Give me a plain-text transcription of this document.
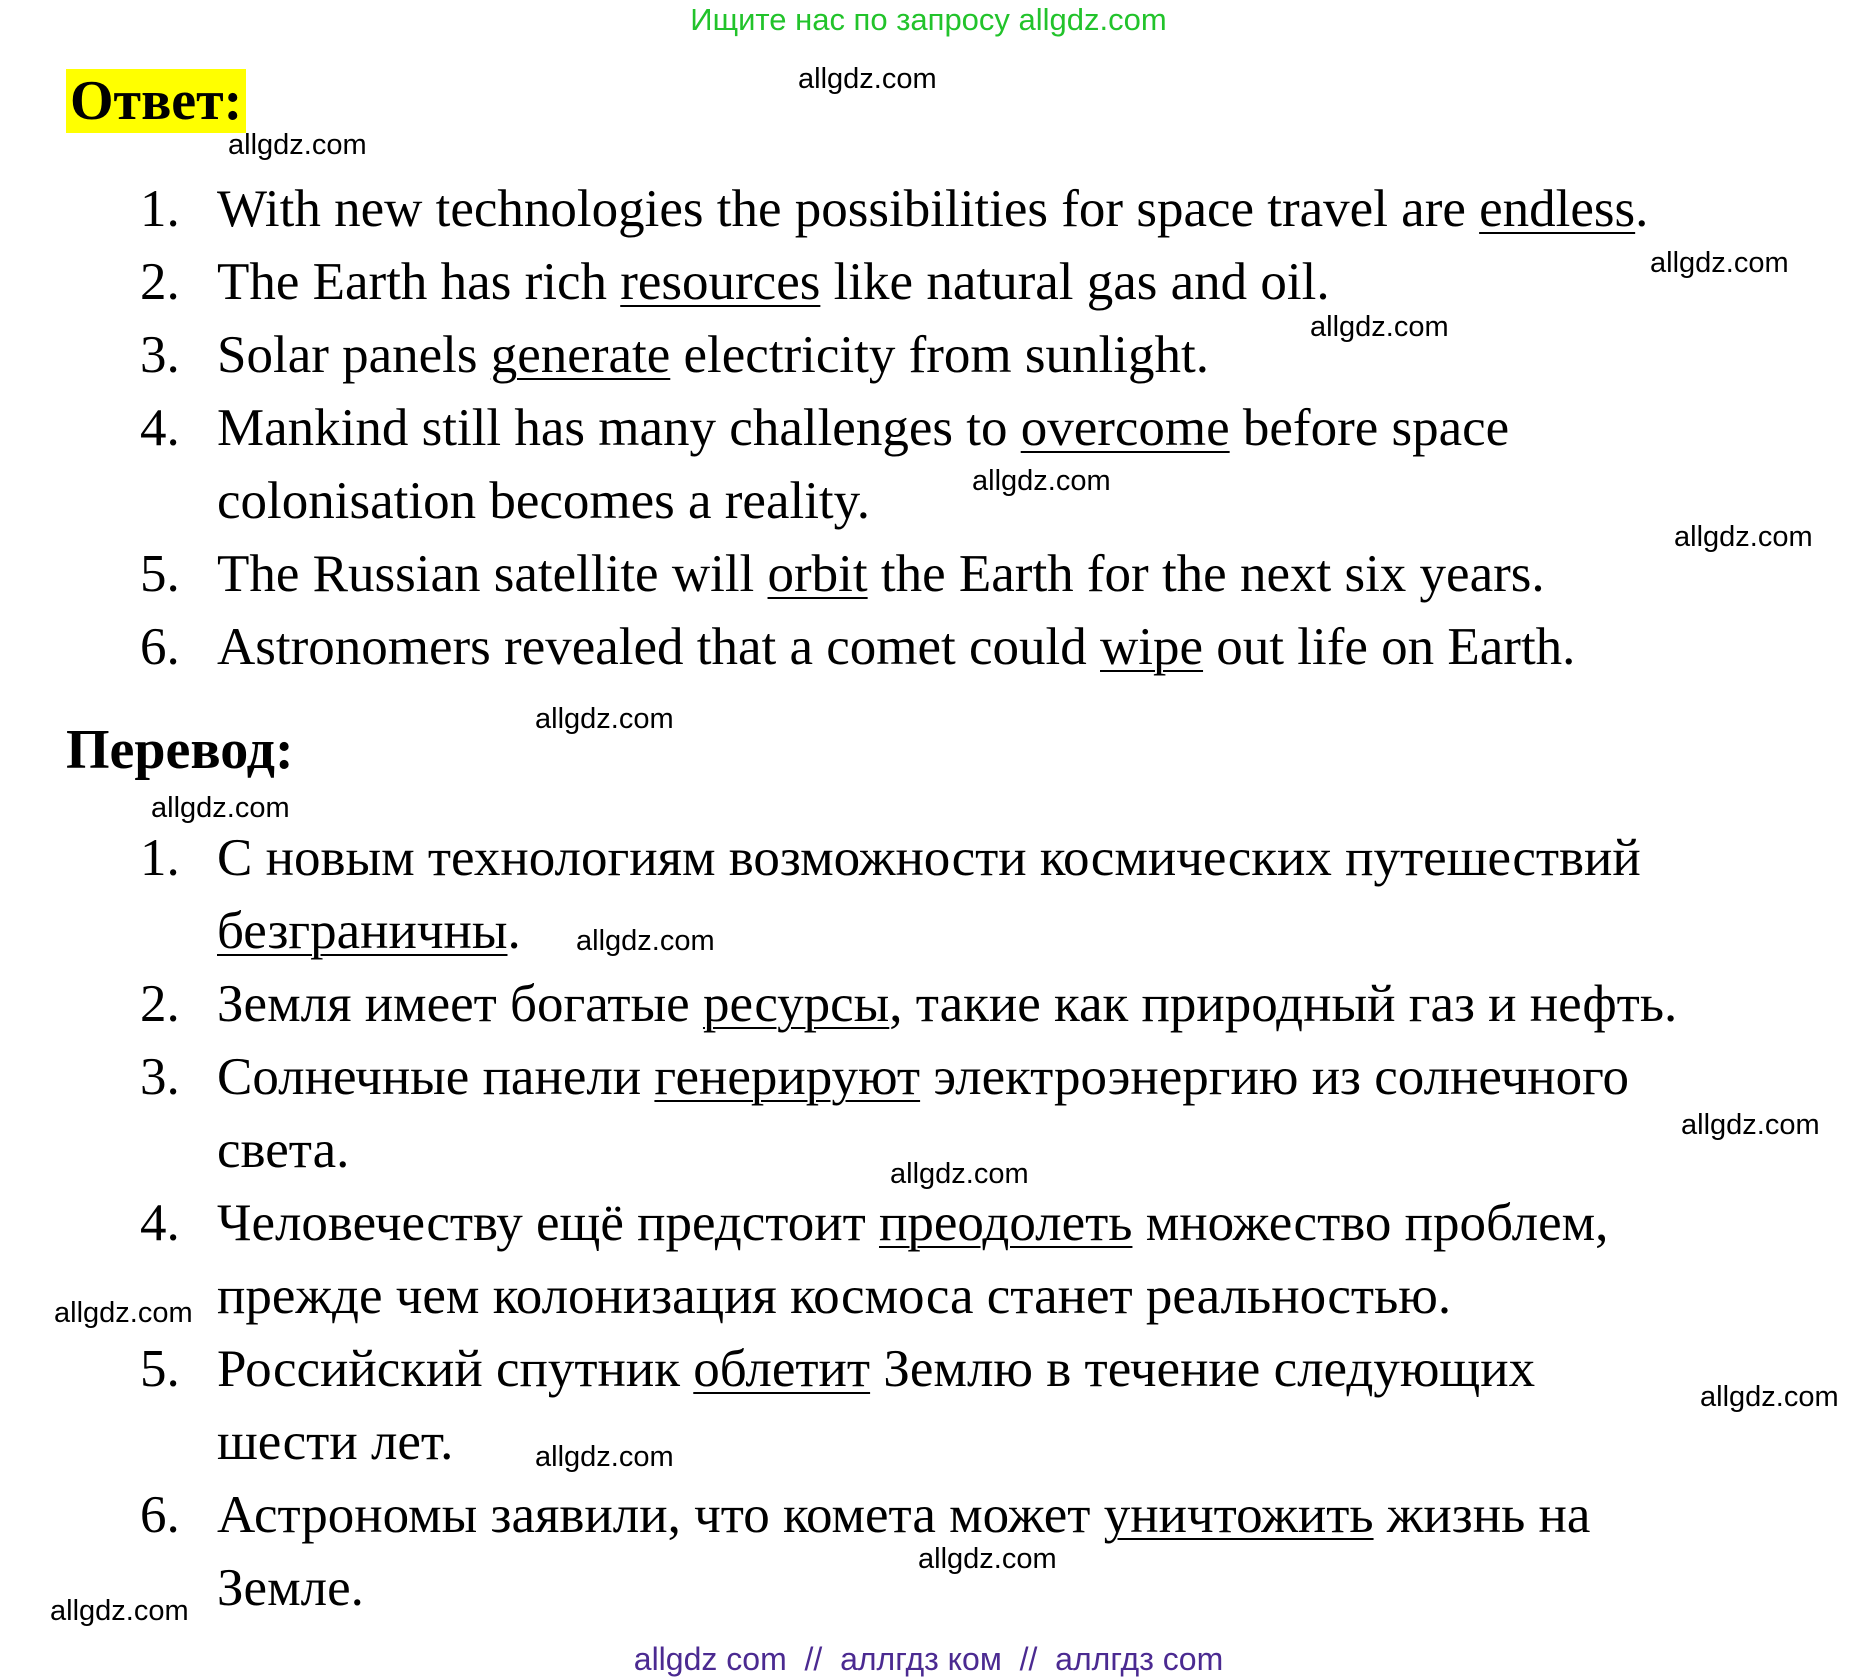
Ищите нас по запросу allgdz.com
Ответ:
1. With new technologies the possibilities for space travel are endless.
2. The Earth has rich resources like natural gas and oil.
3. Solar panels generate electricity from sunlight.
4. Mankind still has many challenges to overcome before space
colonisation becomes a reality.
5. The Russian satellite will orbit the Earth for the next six years.
6. Astronomers revealed that a comet could wipe out life on Earth.
Перевод:
1. С новым технологиям возможности космических путешествий
безграничны.
2. Земля имеет богатые ресурсы, такие как природный газ и нефть.
3. Солнечные панели генерируют электроэнергию из солнечного
света.
4. Человечеству ещё предстоит преодолеть множество проблем,
прежде чем колонизация космоса станет реальностью.
5. Российский спутник облетит Землю в течение следующих
шести лет.
6. Астрономы заявили, что комета может уничтожить жизнь на
Земле.
allgdz.com
allgdz.com
allgdz.com
allgdz.com
allgdz.com
allgdz.com
allgdz.com
allgdz.com
allgdz.com
allgdz.com
allgdz.com
allgdz.com
allgdz.com
allgdz.com
allgdz.com
allgdz.com
allgdz com  //  аллгдз ком  //  аллгдз com
